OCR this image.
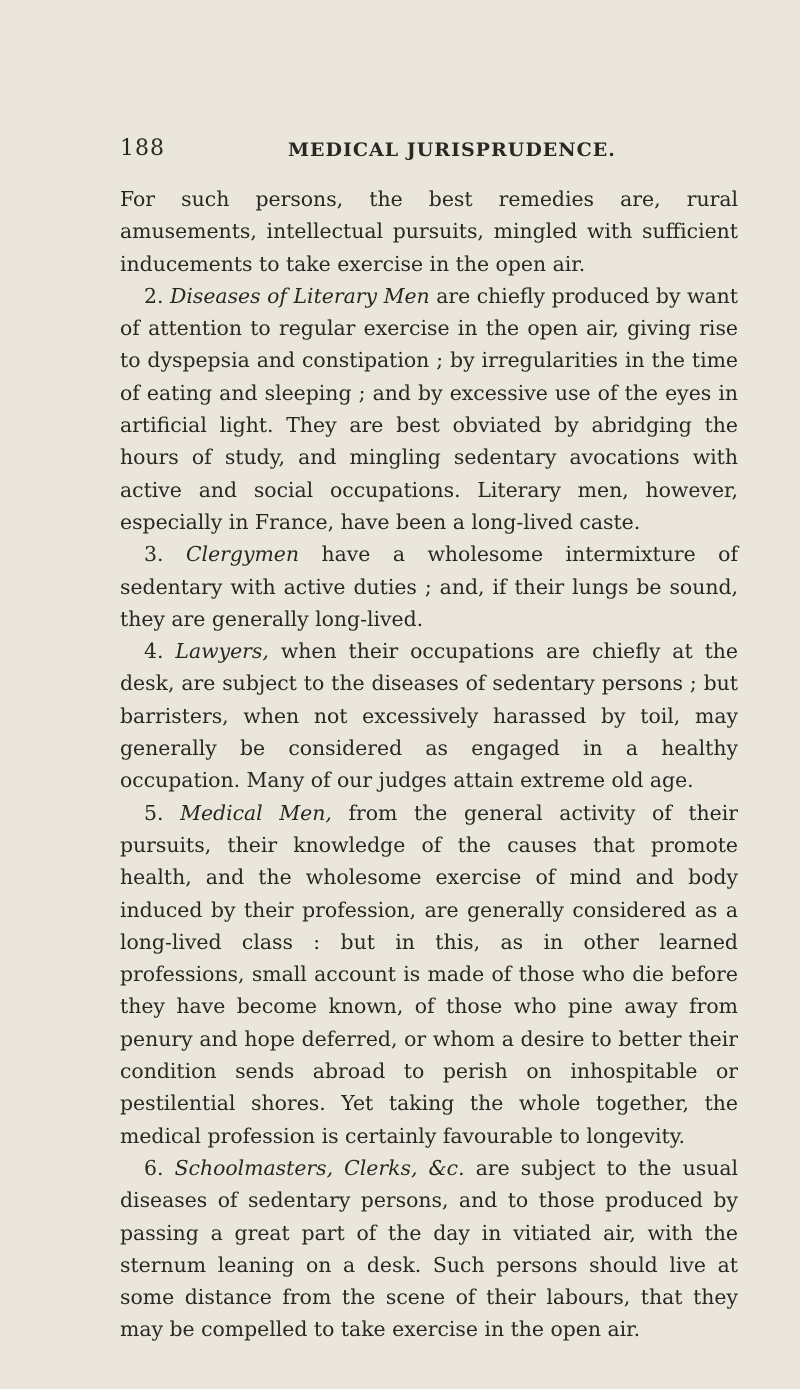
188	MEDICAL JURISPRUDENCE.

For such persons, the best remedies are, rural amusements, intellectual pursuits, mingled with sufficient inducements to take exercise in the open air.

2. Diseases of Literary Men are chiefly produced by want of attention to regular exercise in the open air, giving rise to dyspepsia and constipation ; by irregularities in the time of eating and sleeping ; and by excessive use of the eyes in artificial light. They are best obviated by abridging the hours of study, and mingling sedentary avocations with active and social occupations. Literary men, however, especially in France, have been a long-lived caste.

3. Clergymen have a wholesome intermixture of sedentary with active duties ; and, if their lungs be sound, they are generally long-lived.

4. Lawyers, when their occupations are chiefly at the desk, are subject to the diseases of sedentary persons ; but barristers, when not excessively harassed by toil, may generally be considered as engaged in a healthy occupation. Many of our judges attain extreme old age.

5. Medical Men, from the general activity of their pursuits, their knowledge of the causes that promote health, and the wholesome exercise of mind and body induced by their profession, are generally considered as a long-lived class : but in this, as in other learned professions, small account is made of those who die before they have become known, of those who pine away from penury and hope deferred, or whom a desire to better their condition sends abroad to perish on inhospitable or pestilential shores. Yet taking the whole together, the medical profession is certainly favourable to longevity.

6. Schoolmasters, Clerks, &c. are subject to the usual diseases of sedentary persons, and to those produced by passing a great part of the day in vitiated air, with the sternum leaning on a desk. Such persons should live at some distance from the scene of their labours, that they may be compelled to take exercise in the open air.
